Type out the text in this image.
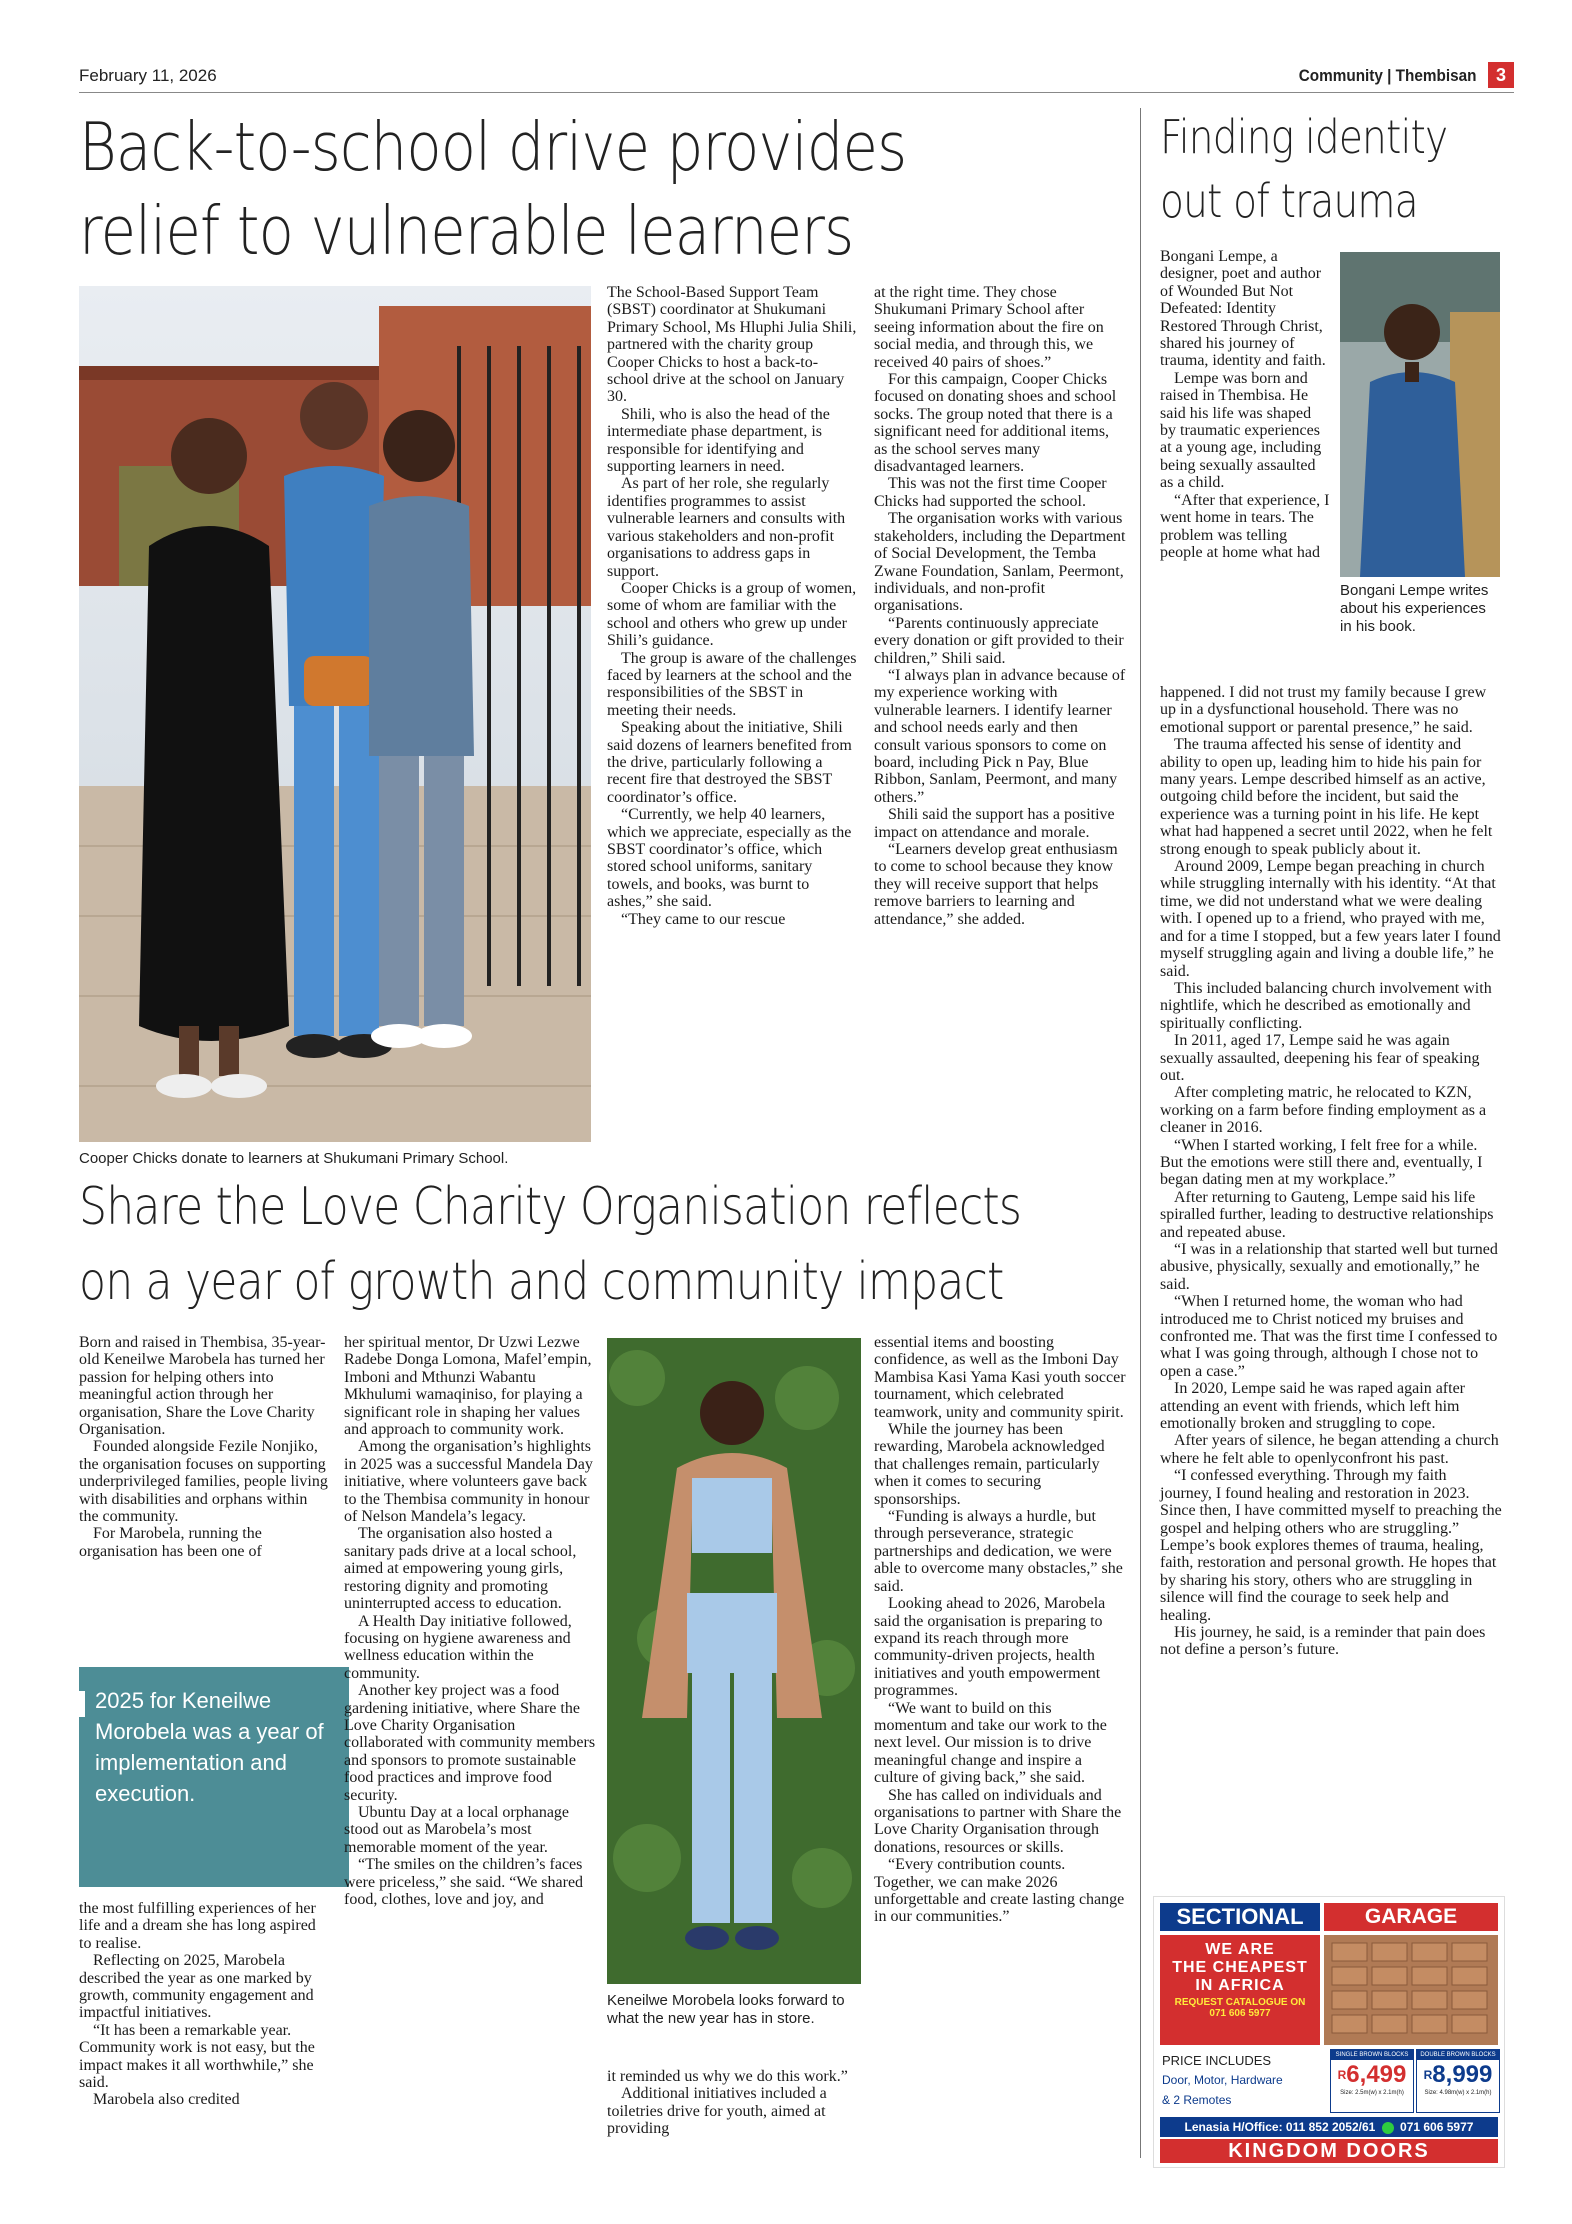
February 11, 2026	Community | Thembisan	3
Back-to-school drive provides
relief to vulnerable learners
Cooper Chicks donate to learners at Shukumani Primary School.

The School-Based Support Team (SBST) coordinator at Shukumani Primary School, Ms Hluphi Julia Shili, partnered with the charity group Cooper Chicks to host a back-to-school drive at the school on January 30.

Shili, who is also the head of the intermediate phase department, is responsible for identifying and supporting learners in need.

As part of her role, she regularly identifies programmes to assist vulnerable learners and consults with various stakeholders and non-profit organisations to address gaps in support.

Cooper Chicks is a group of women, some of whom are familiar with the school and others who grew up under Shili’s guidance.

The group is aware of the challenges faced by learners at the school and the responsibilities of the SBST in meeting their needs.

Speaking about the initiative, Shili said dozens of learners benefited from the drive, particularly following a recent fire that destroyed the SBST coordinator’s office.

“Currently, we help 40 learners, which we appreciate, especially as the SBST coordinator’s office, which stored school uniforms, sanitary towels, and books, was burnt to ashes,” she said.

“They came to our rescue

at the right time. They chose Shukumani Primary School after seeing information about the fire on social media, and through this, we received 40 pairs of shoes.”

For this campaign, Cooper Chicks focused on donating shoes and school socks. The group noted that there is a significant need for additional items, as the school serves many disadvantaged learners.

This was not the first time Cooper Chicks had supported the school.

The organisation works with various stakeholders, including the Department of Social Development, the Temba Zwane Foundation, Sanlam, Peermont, individuals, and non-profit organisations.

“Parents continuously appreciate every donation or gift provided to their children,” Shili said.

“I always plan in advance because of my experience working with vulnerable learners. I identify learner and school needs early and then consult various sponsors to come on board, including Pick n Pay, Blue Ribbon, Sanlam, Peermont, and many others.”

Shili said the support has a positive impact on attendance and morale.

“Learners develop great enthusiasm to come to school because they know they will receive support that helps remove barriers to learning and attendance,” she added.

Share the Love Charity Organisation reflects
on a year of growth and community impact

Born and raised in Thembisa, 35-year-old Keneilwe Marobela has turned her passion for helping others into meaningful action through her organisation, Share the Love Charity Organisation.

Founded alongside Fezile Nonjiko, the organisation focuses on supporting underprivileged families, people living with disabilities and orphans within the community.

For Marobela, running the organisation has been one of

2025 for Keneilwe Morobela was a year of implementation and execution.

the most fulfilling experiences of her life and a dream she has long aspired to realise.

Reflecting on 2025, Marobela described the year as one marked by growth, community engagement and impactful initiatives.

“It has been a remarkable year. Community work is not easy, but the impact makes it all worthwhile,” she said.

Marobela also credited

her spiritual mentor, Dr Uzwi Lezwe Radebe Donga Lomona, Mafel’empin, Imboni and Mthunzi Wabantu Mkhulumi wamaqiniso, for playing a significant role in shaping her values and approach to community work.

Among the organisation’s highlights in 2025 was a successful Mandela Day initiative, where volunteers gave back to the Thembisa community in honour of Nelson Mandela’s legacy.

The organisation also hosted a sanitary pads drive at a local school, aimed at empowering young girls, restoring dignity and promoting uninterrupted access to education.

A Health Day initiative followed, focusing on hygiene awareness and wellness education within the community.

Another key project was a food gardening initiative, where Share the Love Charity Organisation collaborated with community members and sponsors to promote sustainable food practices and improve food security.

Ubuntu Day at a local orphanage stood out as Marobela’s most memorable moment of the year.

“The smiles on the children’s faces were priceless,” she said. “We shared food, clothes, love and joy, and

Keneilwe Morobela looks forward to what the new year has in store.

it reminded us why we do this work.”

Additional initiatives included a toiletries drive for youth, aimed at providing

essential items and boosting confidence, as well as the Imboni Day Mambisa Kasi Yama Kasi youth soccer tournament, which celebrated teamwork, unity and community spirit.

While the journey has been rewarding, Marobela acknowledged that challenges remain, particularly when it comes to securing sponsorships.

“Funding is always a hurdle, but through perseverance, strategic partnerships and dedication, we were able to overcome many obstacles,” she said.

Looking ahead to 2026, Marobela said the organisation is preparing to expand its reach through more community-driven projects, health initiatives and youth empowerment programmes.

“We want to build on this momentum and take our work to the next level. Our mission is to drive meaningful change and inspire a culture of giving back,” she said.

She has called on individuals and organisations to partner with Share the Love Charity Organisation through donations, resources or skills.

“Every contribution counts. Together, we can make 2026 unforgettable and create lasting change in our communities.”

Finding identity
out of trauma

Bongani Lempe, a designer, poet and author of Wounded But Not Defeated: Identity Restored Through Christ, shared his journey of trauma, identity and faith.

Lempe was born and raised in Thembisa. He said his life was shaped by traumatic experiences at a young age, including being sexually assaulted as a child.

“After that experience, I went home in tears. The problem was telling people at home what had

Bongani Lempe writes about his experiences in his book.

happened. I did not trust my family because I grew up in a dysfunctional household. There was no emotional support or parental presence,” he said.

The trauma affected his sense of identity and ability to open up, leading him to hide his pain for many years. Lempe described himself as an active, outgoing child before the incident, but said the experience was a turning point in his life. He kept what had happened a secret until 2022, when he felt strong enough to speak publicly about it.

Around 2009, Lempe began preaching in church while struggling internally with his identity. “At that time, we did not understand what we were dealing with. I opened up to a friend, who prayed with me, and for a time I stopped, but a few years later I found myself struggling again and living a double life,” he said.

This included balancing church involvement with nightlife, which he described as emotionally and spiritually conflicting.

In 2011, aged 17, Lempe said he was again sexually assaulted, deepening his fear of speaking out.

After completing matric, he relocated to KZN, working on a farm before finding employment as a cleaner in 2016.

“When I started working, I felt free for a while. But the emotions were still there and, eventually, I began dating men at my workplace.”

After returning to Gauteng, Lempe said his life spiralled further, leading to destructive relationships and repeated abuse.

“I was in a relationship that started well but turned abusive, physically, sexually and emotionally,” he said.

“When I returned home, the woman who had introduced me to Christ noticed my bruises and confronted me. That was the first time I confessed to what I was going through, although I chose not to open a case.”

In 2020, Lempe said he was raped again after attending an event with friends, which left him emotionally broken and struggling to cope.

After years of silence, he began attending a church where he felt able to openlyconfront his past.

“I confessed everything. Through my faith journey, I found healing and restoration in 2023. Since then, I have committed myself to preaching the gospel and helping others who are struggling.” Lempe’s book explores themes of trauma, healing, faith, restoration and personal growth. He hopes that by sharing his story, others who are struggling in silence will find the courage to seek help and healing.

His journey, he said, is a reminder that pain does not define a person’s future.

SECTIONAL	GARAGE
WE ARE
THE CHEAPEST
IN AFRICA
REQUEST CATALOGUE ON
071 606 5977
PRICE INCLUDES
Door, Motor, Hardware
& 2 Remotes
SINGLE BROWN BLOCKS
$^R$6,499
Size: 2.5m(w) x 2.1m(h)
DOUBLE BROWN BLOCKS
$^R$8,999
Size: 4.98m(w) x 2.1m(h)
Lenasia H/Office: 011 852 2052/61 071 606 5977
KINGDOM DOORS
